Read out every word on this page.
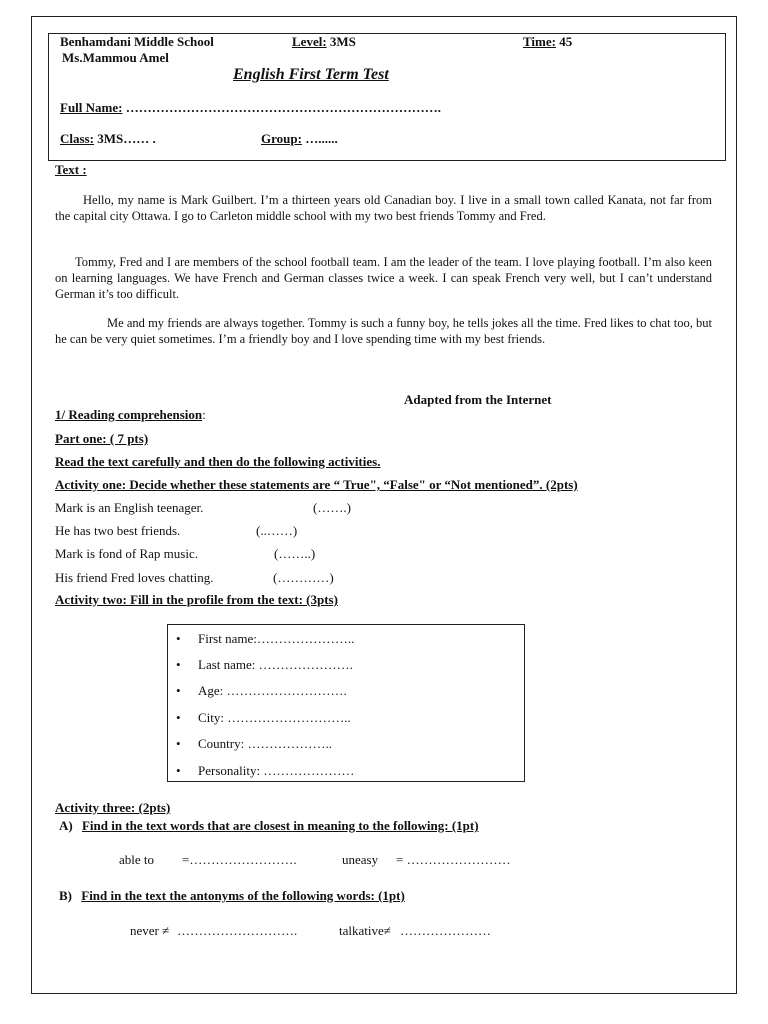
Benhamdani Middle School
Ms.Mammou Amel
Level: 3MS	Time: 45
English First Term Test
Full Name: ……………………………………………………………….
Class: 3MS…… .	Group: …......
Text :
Hello, my name is Mark Guilbert. I’m a thirteen years old Canadian boy. I live in a small town called Kanata, not far from the capital city Ottawa. I go to Carleton middle school with my two best friends Tommy and Fred.
Tommy, Fred and I are members of the school football team. I am the leader of the team. I love playing football. I’m also keen on learning languages. We have French and German classes twice a week. I can speak French very well, but I can’t understand German it’s too difficult.
Me and my friends are always together. Tommy is such a funny boy, he tells jokes all the time. Fred likes to chat too, but he can be very quiet sometimes. I’m a friendly boy and I love spending time with my best friends.
Adapted from the Internet
1/ Reading comprehension:
Part one: ( 7 pts)
Read the text carefully and then do the following activities.
Activity one: Decide whether these statements are “ True", “False" or “Not mentioned”. (2pts)
Mark is an English teenager.	(…….)
He has two best friends.	(..……)
Mark is fond of Rap music.	(……..)
His friend Fred loves chatting.	(…………)
Activity two: Fill in the profile from the text: (3pts)
• First name:…………………..
• Last name: ………………….
• Age: ……………………….
• City: ………………………..
• Country: ………………..
• Personality: …………………
Activity three: (2pts)
A) Find in the text words that are closest in meaning to the following: (1pt)
able to =…………………….	uneasy = ……………………
B) Find in the text the antonyms of the following words: (1pt)
never ≠ ……………………….	talkative≠ …………………
